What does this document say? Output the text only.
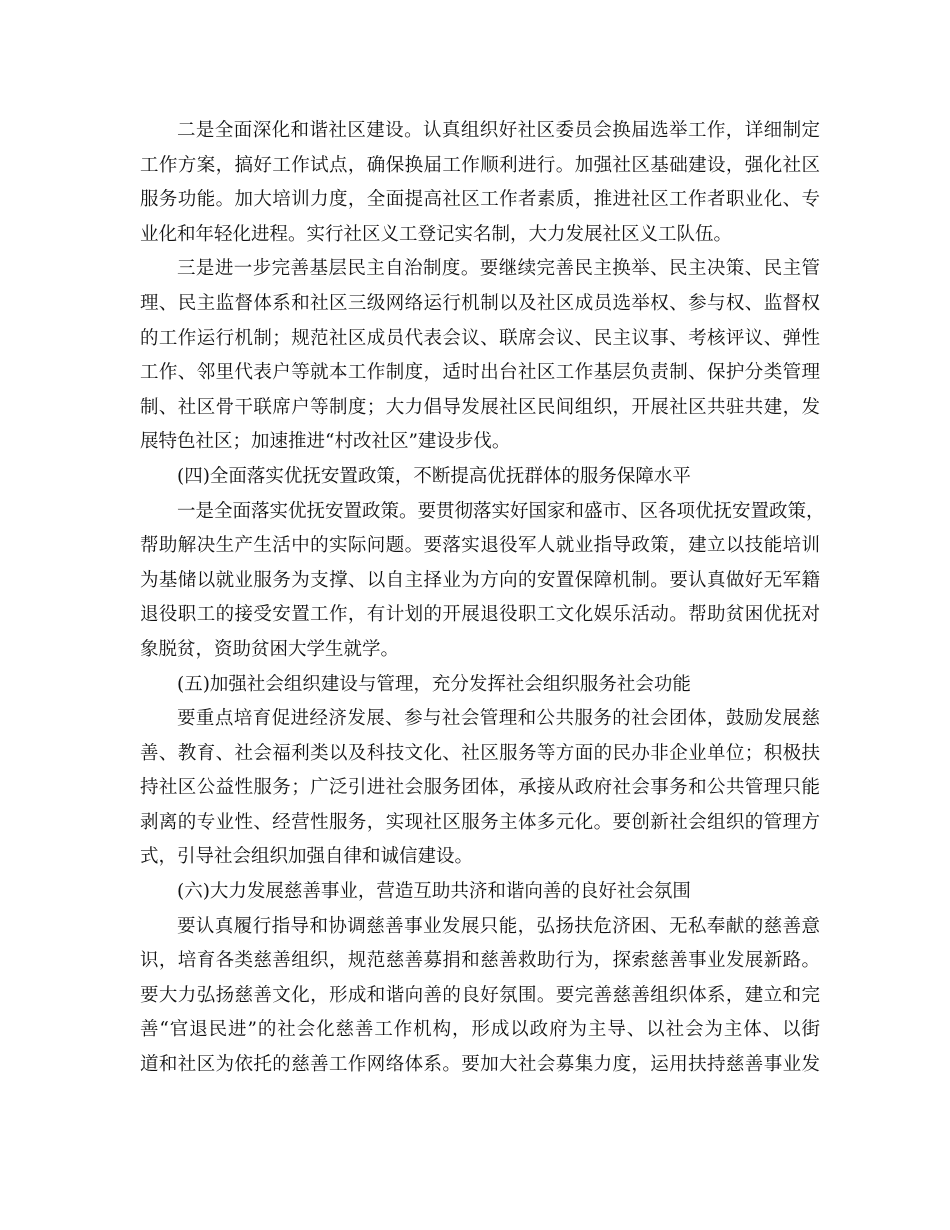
二是全面深化和谐社区建设。认真组织好社区委员会换届选举工作，详细制定
工作方案，搞好工作试点，确保换届工作顺利进行。加强社区基础建设，强化社区
服务功能。加大培训力度，全面提高社区工作者素质，推进社区工作者职业化、专
业化和年轻化进程。实行社区义工登记实名制，大力发展社区义工队伍。
三是进一步完善基层民主自治制度。要继续完善民主换举、民主决策、民主管
理、民主监督体系和社区三级网络运行机制以及社区成员选举权、参与权、监督权
的工作运行机制；规范社区成员代表会议、联席会议、民主议事、考核评议、弹性
工作、邻里代表户等就本工作制度，适时出台社区工作基层负责制、保护分类管理
制、社区骨干联席户等制度；大力倡导发展社区民间组织，开展社区共驻共建，发
展特色社区；加速推进“村改社区”建设步伐。
(四)全面落实优抚安置政策，不断提高优抚群体的服务保障水平
一是全面落实优抚安置政策。要贯彻落实好国家和盛市、区各项优抚安置政策，
帮助解决生产生活中的实际问题。要落实退役军人就业指导政策，建立以技能培训
为基储以就业服务为支撑、以自主择业为方向的安置保障机制。要认真做好无军籍
退役职工的接受安置工作，有计划的开展退役职工文化娱乐活动。帮助贫困优抚对
象脱贫，资助贫困大学生就学。
(五)加强社会组织建设与管理，充分发挥社会组织服务社会功能
要重点培育促进经济发展、参与社会管理和公共服务的社会团体，鼓励发展慈
善、教育、社会福利类以及科技文化、社区服务等方面的民办非企业单位；积极扶
持社区公益性服务；广泛引进社会服务团体，承接从政府社会事务和公共管理只能
剥离的专业性、经营性服务，实现社区服务主体多元化。要创新社会组织的管理方
式，引导社会组织加强自律和诚信建设。
(六)大力发展慈善事业，营造互助共济和谐向善的良好社会氛围
要认真履行指导和协调慈善事业发展只能，弘扬扶危济困、无私奉献的慈善意
识，培育各类慈善组织，规范慈善募捐和慈善救助行为，探索慈善事业发展新路。
要大力弘扬慈善文化，形成和谐向善的良好氛围。要完善慈善组织体系，建立和完
善“官退民进”的社会化慈善工作机构，形成以政府为主导、以社会为主体、以街
道和社区为依托的慈善工作网络体系。要加大社会募集力度，运用扶持慈善事业发
